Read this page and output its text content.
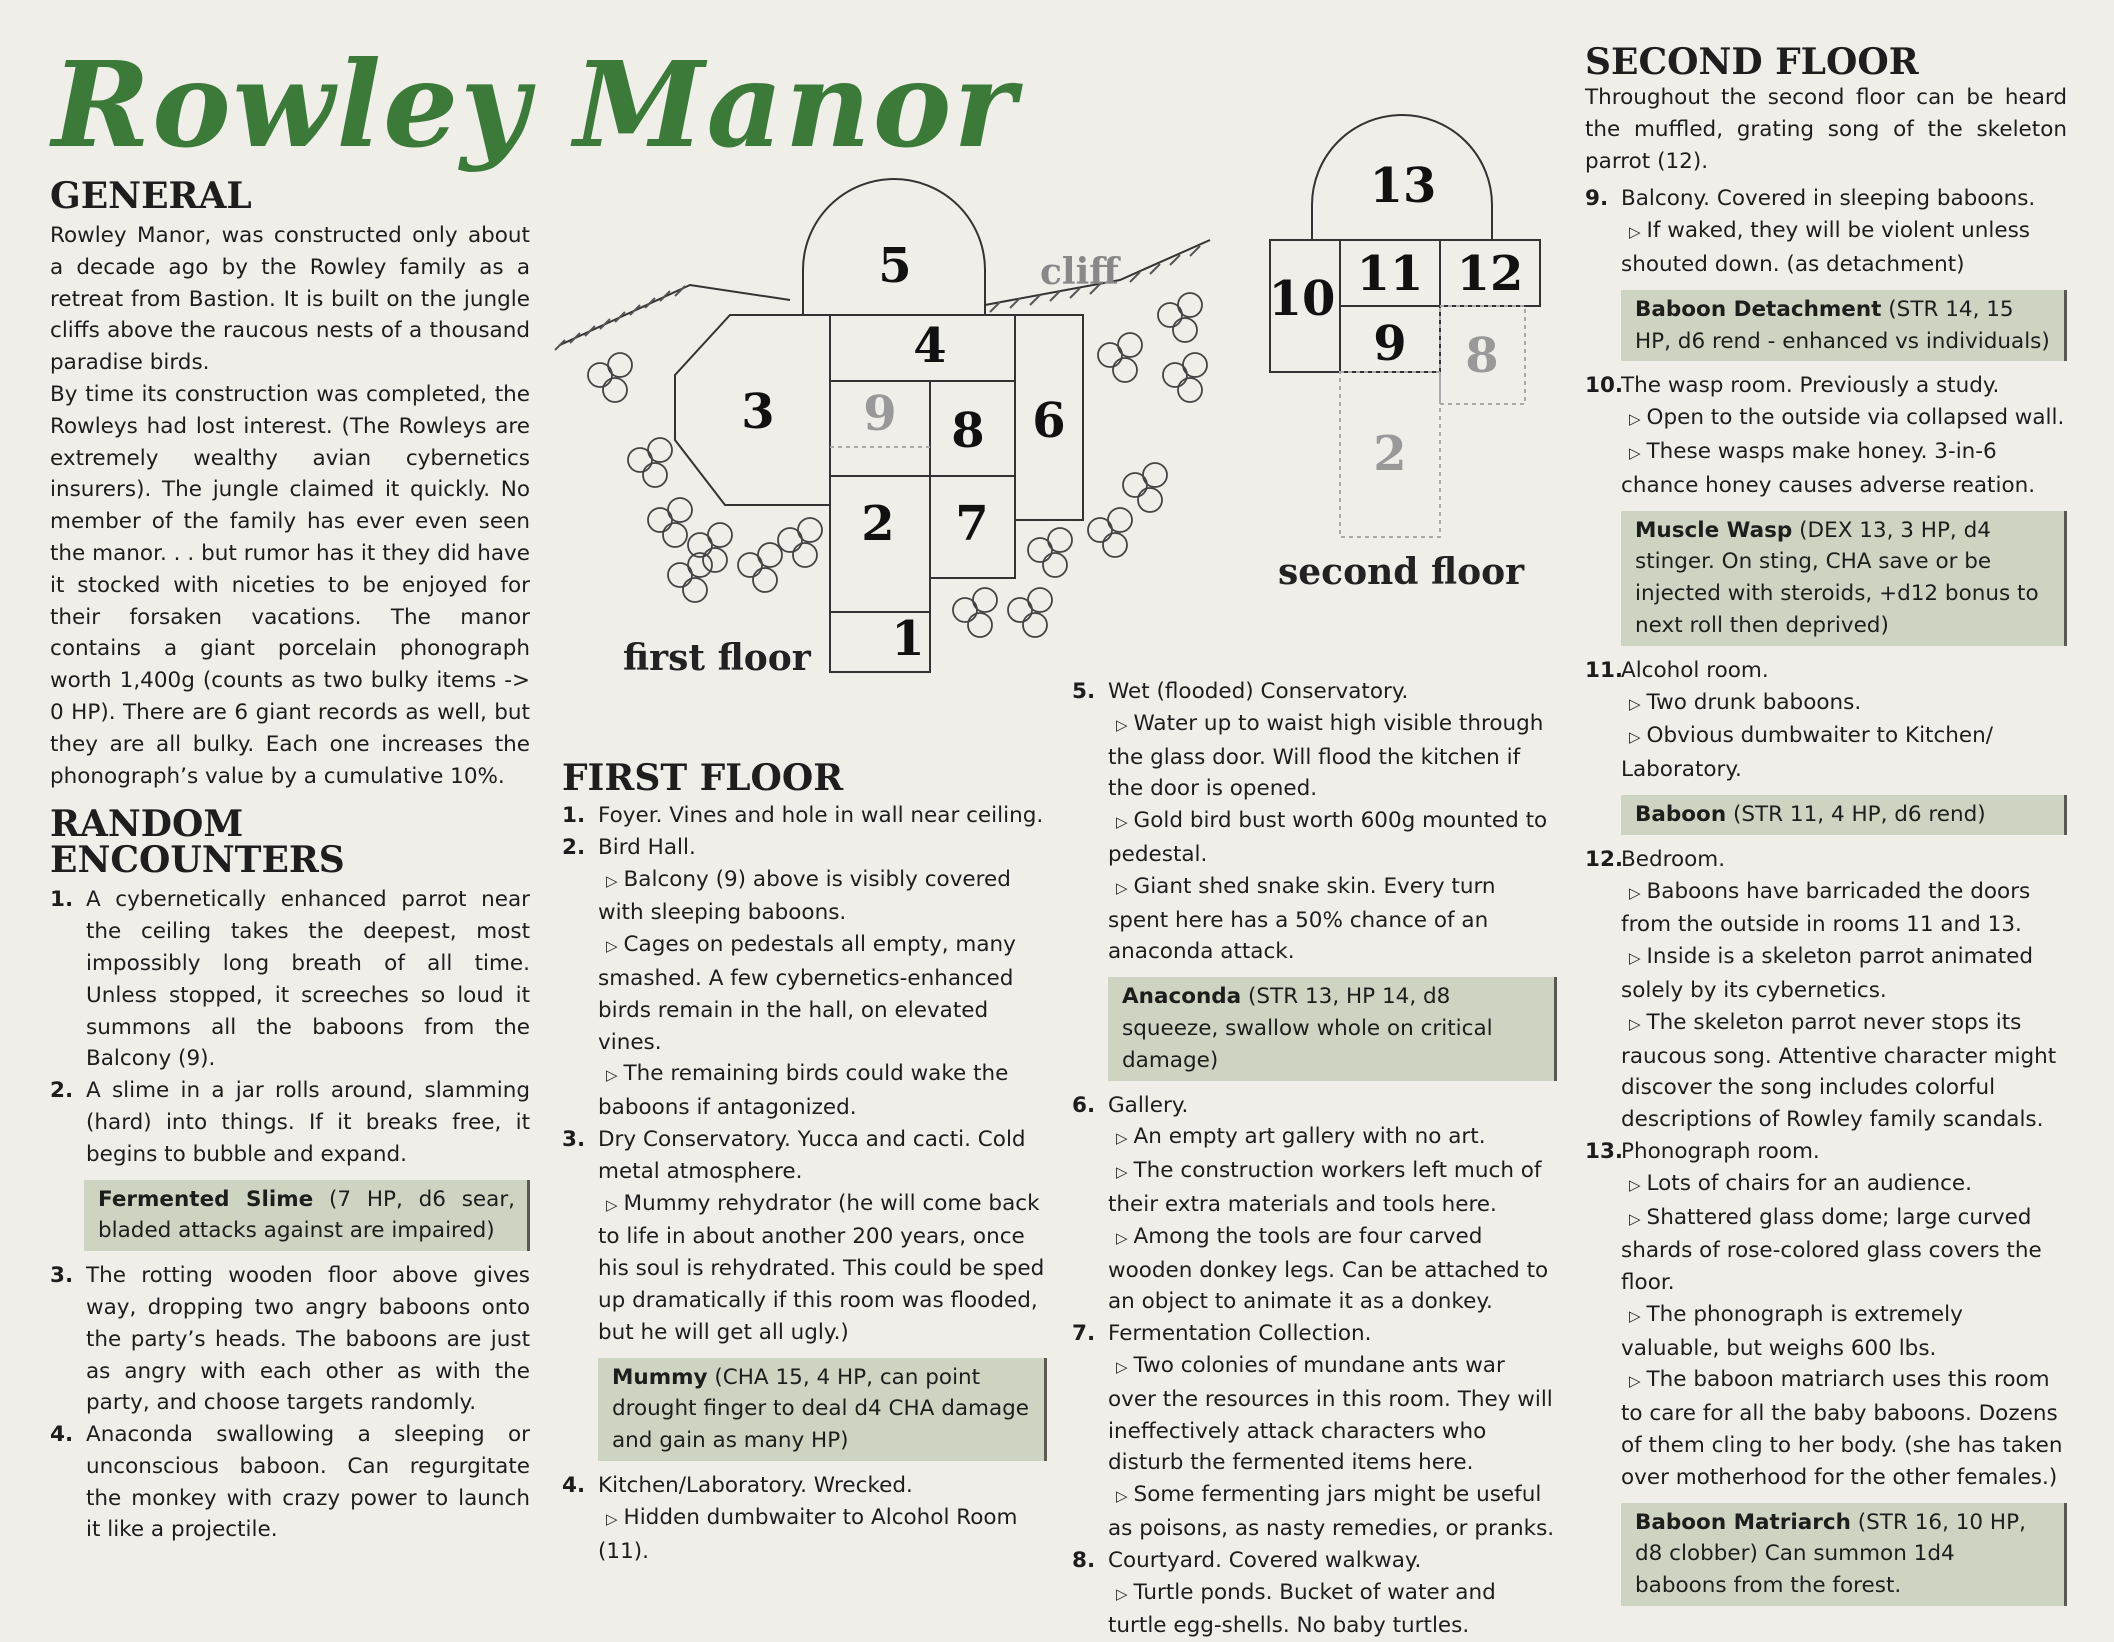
Rowley Manor
GENERAL

Rowley Manor, was constructed only about a decade ago by the Rowley family as a retreat from Bastion. It is built on the jungle cliffs above the raucous nests of a thousand paradise birds.

By time its construction was completed, the Rowleys had lost interest. (The Rowleys are extremely wealthy avian cybernetics insurers). The jungle claimed it quickly. No member of the family has ever even seen the manor. . . but rumor has it they did have it stocked with niceties to be enjoyed for their forsaken vacations. The manor contains a giant porcelain phonograph worth 1,400g (counts as two bulky items -> 0 HP). There are 6 giant records as well, but they are all bulky. Each one increases the phonograph’s value by a cumulative 10%.

RANDOM
ENCOUNTERS
1. A cybernetically enhanced parrot near the ceiling takes the deepest, most impossibly long breath of all time. Unless stopped, it screeches so loud it summons all the baboons from the Balcony (9).
2. A slime in a jar rolls around, slamming (hard) into things. If it breaks free, it begins to bubble and expand.
Fermented Slime (7 HP, d6 sear, bladed attacks against are impaired)
3. The rotting wooden floor above gives way, dropping two angry baboons onto the party’s heads. The baboons are just as angry with each other as with the party, and choose targets randomly.
4. Anaconda swallowing a sleeping or unconscious baboon. Can regurgitate the monkey with crazy power to launch it like a projectile.
5
3
4
9 8 6
2 7
1
cliff
first floor
13
10 11 12
9 8
2
second floor
FIRST FLOOR
1. Foyer. Vines and hole in wall near ceiling.
2. Bird Hall.
▷ Balcony (9) above is visibly covered with sleeping baboons.
▷ Cages on pedestals all empty, many smashed. A few cybernetics-enhanced birds remain in the hall, on elevated vines.
▷ The remaining birds could wake the baboons if antagonized.
3. Dry Conservatory. Yucca and cacti. Cold metal atmosphere.
▷ Mummy rehydrator (he will come back to life in about another 200 years, once his soul is rehydrated. This could be sped up dramatically if this room was flooded, but he will get all ugly.)
Mummy (CHA 15, 4 HP, can point drought finger to deal d4 CHA damage and gain as many HP)
4. Kitchen/Laboratory. Wrecked.
▷ Hidden dumbwaiter to Alcohol Room (11).
5. Wet (flooded) Conservatory.
▷ Water up to waist high visible through the glass door. Will flood the kitchen if the door is opened.
▷ Gold bird bust worth 600g mounted to pedestal.
▷ Giant shed snake skin. Every turn spent here has a 50% chance of an anaconda attack.
Anaconda (STR 13, HP 14, d8 squeeze, swallow whole on critical damage)
6. Gallery.
▷ An empty art gallery with no art.
▷ The construction workers left much of their extra materials and tools here.
▷ Among the tools are four carved wooden donkey legs. Can be attached to an object to animate it as a donkey.
7. Fermentation Collection.
▷ Two colonies of mundane ants war over the resources in this room. They will ineffectively attack characters who disturb the fermented items here.
▷ Some fermenting jars might be useful as poisons, as nasty remedies, or pranks.
8. Courtyard. Covered walkway.
▷ Turtle ponds. Bucket of water and turtle egg-shells. No baby turtles.
SECOND FLOOR

Throughout the second floor can be heard the muffled, grating song of the skeleton parrot (12).

9. Balcony. Covered in sleeping baboons.
▷ If waked, they will be violent unless shouted down. (as detachment)
Baboon Detachment (STR 14, 15 HP, d6 rend - enhanced vs individuals)
10.
The wasp room. Previously a study.
▷ Open to the outside via collapsed wall.
▷ These wasps make honey. 3-in-6 chance honey causes adverse reation.
Muscle Wasp (DEX 13, 3 HP, d4 stinger. On sting, CHA save or be injected with steroids, +d12 bonus to next roll then deprived)
11.
Alcohol room.
▷ Two drunk baboons.
▷ Obvious dumbwaiter to Kitchen/ Laboratory.
Baboon (STR 11, 4 HP, d6 rend)
12.
Bedroom.
▷ Baboons have barricaded the doors from the outside in rooms 11 and 13.
▷ Inside is a skeleton parrot animated solely by its cybernetics.
▷ The skeleton parrot never stops its raucous song. Attentive character might discover the song includes colorful descriptions of Rowley family scandals.
13.
Phonograph room.
▷ Lots of chairs for an audience.
▷ Shattered glass dome; large curved shards of rose-colored glass covers the floor.
▷ The phonograph is extremely valuable, but weighs 600 lbs.
▷ The baboon matriarch uses this room to care for all the baby baboons. Dozens of them cling to her body. (she has taken over motherhood for the other females.)
Baboon Matriarch (STR 16, 10 HP, d8 clobber) Can summon 1d4 baboons from the forest.
